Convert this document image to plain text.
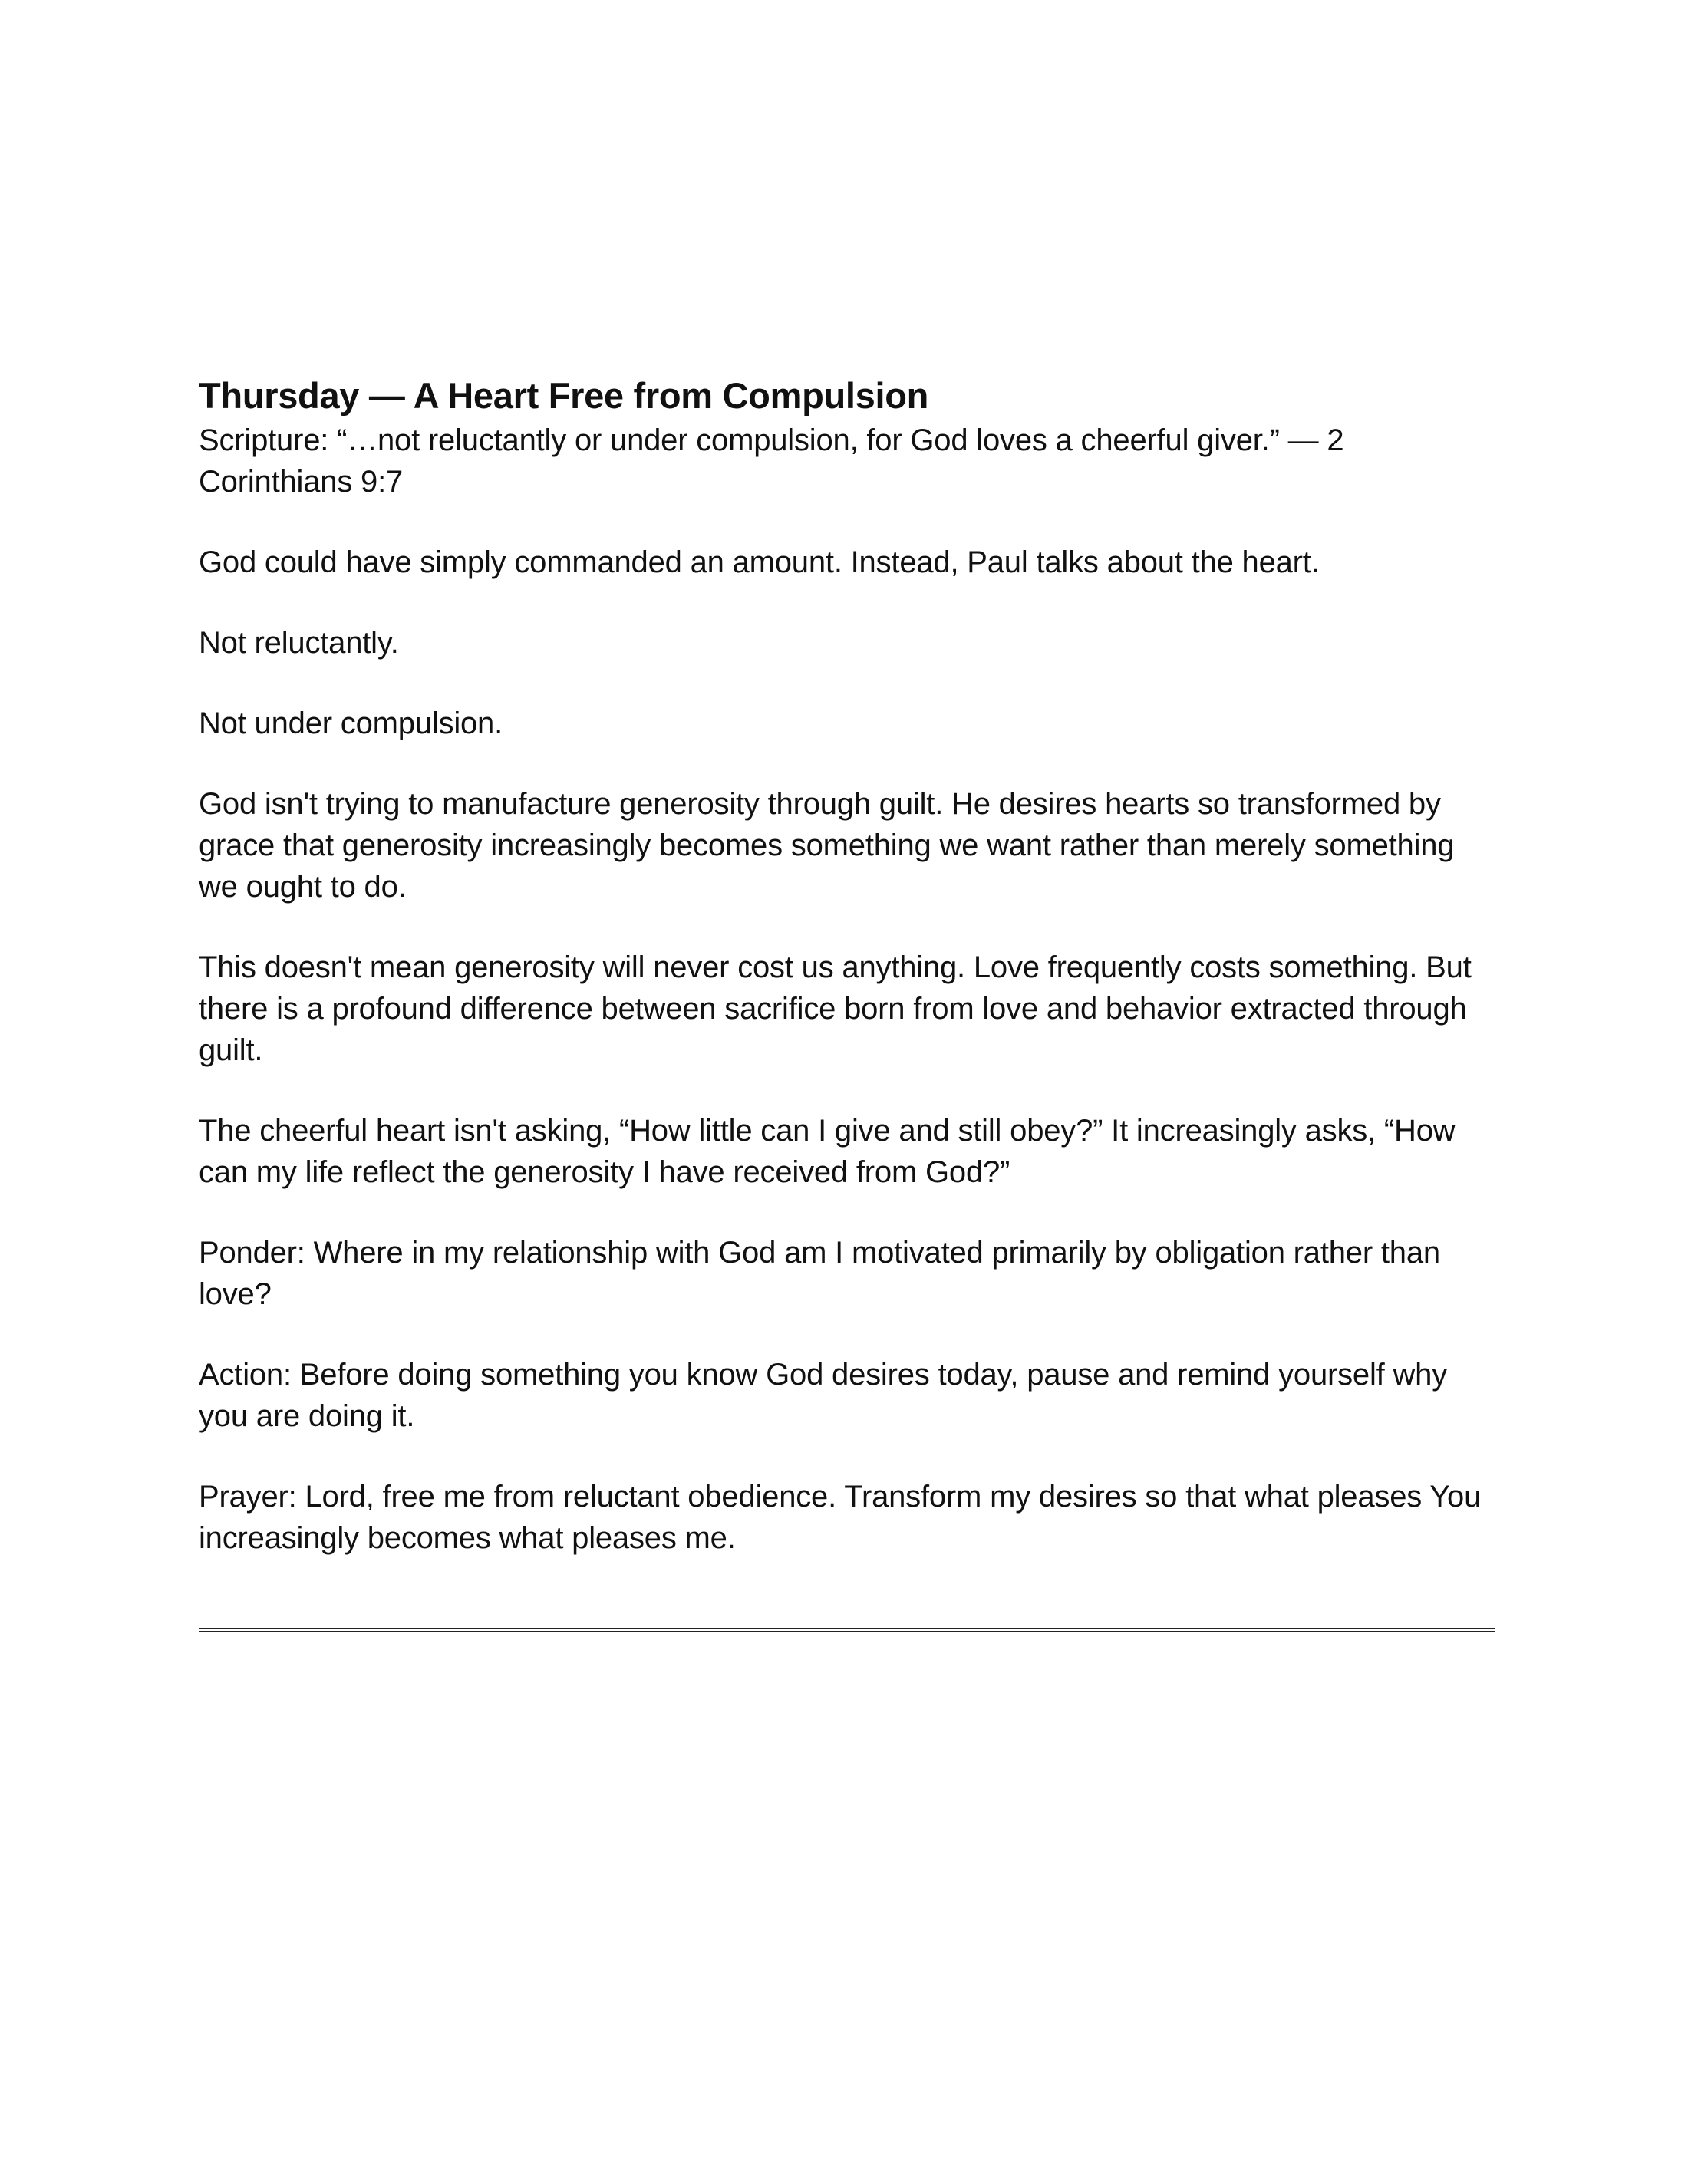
Thursday — A Heart Free from Compulsion

Scripture: “…not reluctantly or under compulsion, for God loves a cheerful giver.” — 2 Corinthians 9:7

God could have simply commanded an amount. Instead, Paul talks about the heart.

Not reluctantly.

Not under compulsion.

God isn't trying to manufacture generosity through guilt. He desires hearts so transformed by grace that generosity increasingly becomes something we want rather than merely something we ought to do.

This doesn't mean generosity will never cost us anything. Love frequently costs something. But there is a profound difference between sacrifice born from love and behavior extracted through guilt.

The cheerful heart isn't asking, “How little can I give and still obey?” It increasingly asks, “How can my life reflect the generosity I have received from God?”

Ponder: Where in my relationship with God am I motivated primarily by obligation rather than love?

Action: Before doing something you know God desires today, pause and remind yourself why you are doing it.

Prayer: Lord, free me from reluctant obedience. Transform my desires so that what pleases You increasingly becomes what pleases me.
